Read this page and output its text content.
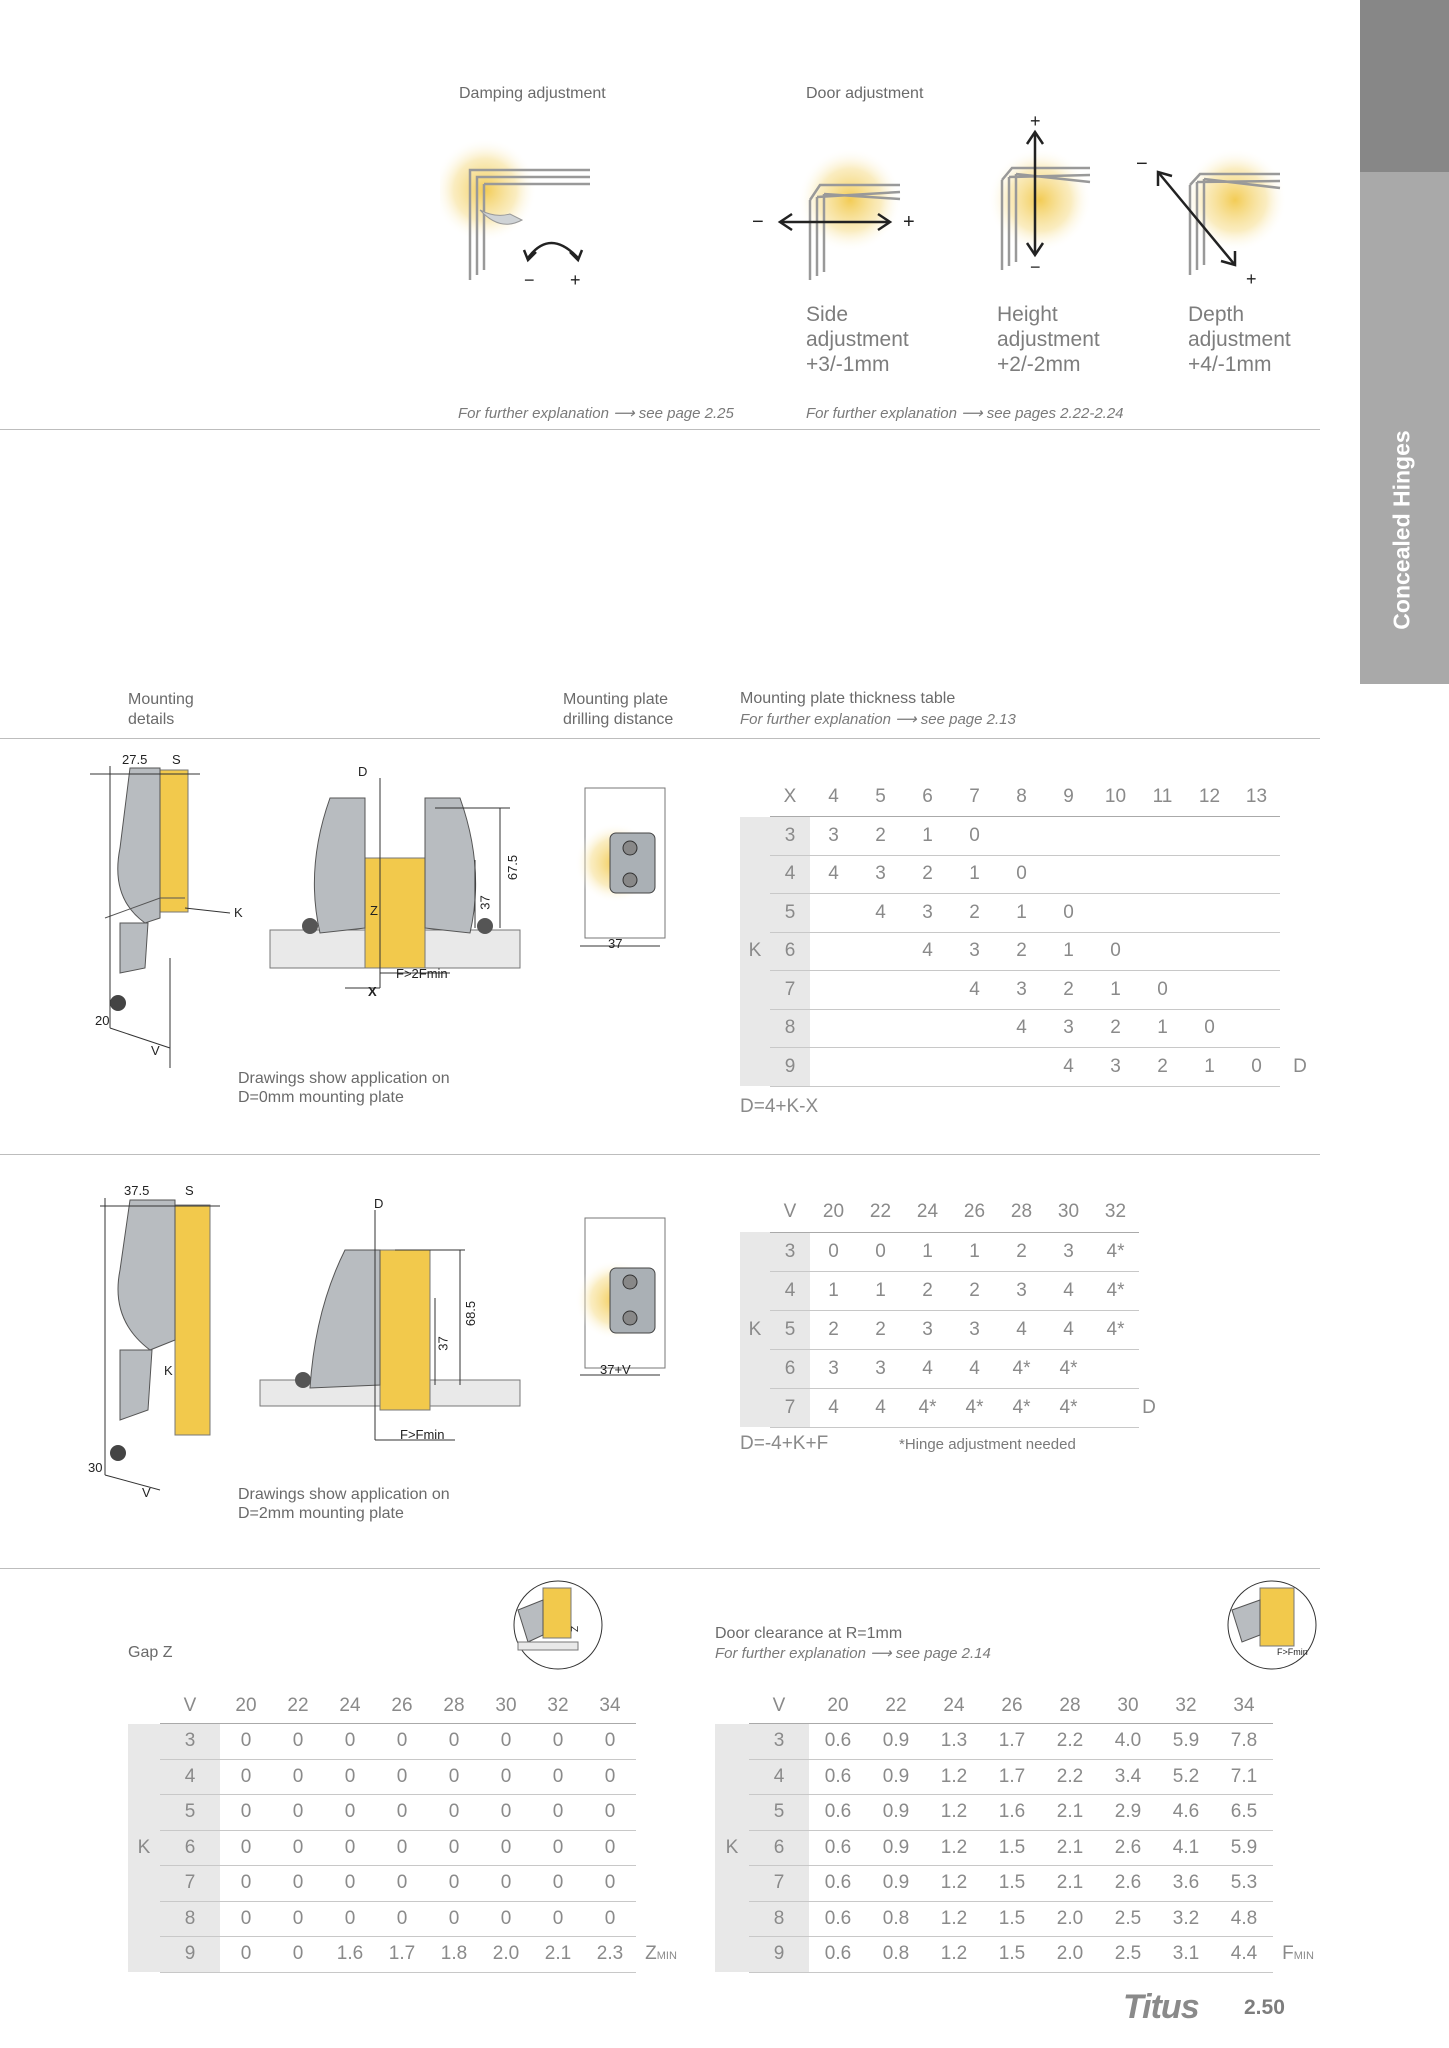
Concealed Hinges
Damping adjustment	Door adjustment
− +
−	+
+
−
−
+
Side
adjustment
+3/-1mm
Height
adjustment
+2/-2mm
Depth
adjustment
+4/-1mm
For further explanation ⟶ see page 2.25	For further explanation ⟶ see pages 2.22-2.24
Mounting
details
Mounting plate
drilling distance
Mounting plate thickness table
For further explanation ⟶ see page 2.13
27.5 S
K
20
V
D
Z
37
67.5
F>2Fmin
X
37
Drawings show application on
D=0mm mounting plate
	X	4	5	6	7	8	9	10	11	12	13	
	3	3	2	1	0							
	4	4	3	2	1	0						
	5		4	3	2	1	0					
K	6			4	3	2	1	0				
	7				4	3	2	1	0			
	8					4	3	2	1	0		
	9						4	3	2	1	0	D
D=4+K-X
37.5	S
K
30
V
D
37
68.5
F>Fmin
37+V
Drawings show application on
D=2mm mounting plate
	V	20	22	24	26	28	30	32	
	3	0	0	1	1	2	3	4*	
	4	1	1	2	2	3	4	4*	
K	5	2	2	3	3	4	4	4*	
	6	3	3	4	4	4*	4*		
	7	4	4	4*	4*	4*	4*		D
D=-4+K+F	*Hinge adjustment needed
Z
Gap Z
	V	20	22	24	26	28	30	32	34	
	3	0	0	0	0	0	0	0	0	
	4	0	0	0	0	0	0	0	0	
	5	0	0	0	0	0	0	0	0	
K	6	0	0	0	0	0	0	0	0	
	7	0	0	0	0	0	0	0	0	
	8	0	0	0	0	0	0	0	0	
	9	0	0	1.6	1.7	1.8	2.0	2.1	2.3	ZMIN
F>Fmin
Door clearance at R=1mm
For further explanation ⟶ see page 2.14
	V	20	22	24	26	28	30	32	34	
	3	0.6	0.9	1.3	1.7	2.2	4.0	5.9	7.8	
	4	0.6	0.9	1.2	1.7	2.2	3.4	5.2	7.1	
	5	0.6	0.9	1.2	1.6	2.1	2.9	4.6	6.5	
K	6	0.6	0.9	1.2	1.5	2.1	2.6	4.1	5.9	
	7	0.6	0.9	1.2	1.5	2.1	2.6	3.6	5.3	
	8	0.6	0.8	1.2	1.5	2.0	2.5	3.2	4.8	
	9	0.6	0.8	1.2	1.5	2.0	2.5	3.1	4.4	FMIN
Titus 2.50
